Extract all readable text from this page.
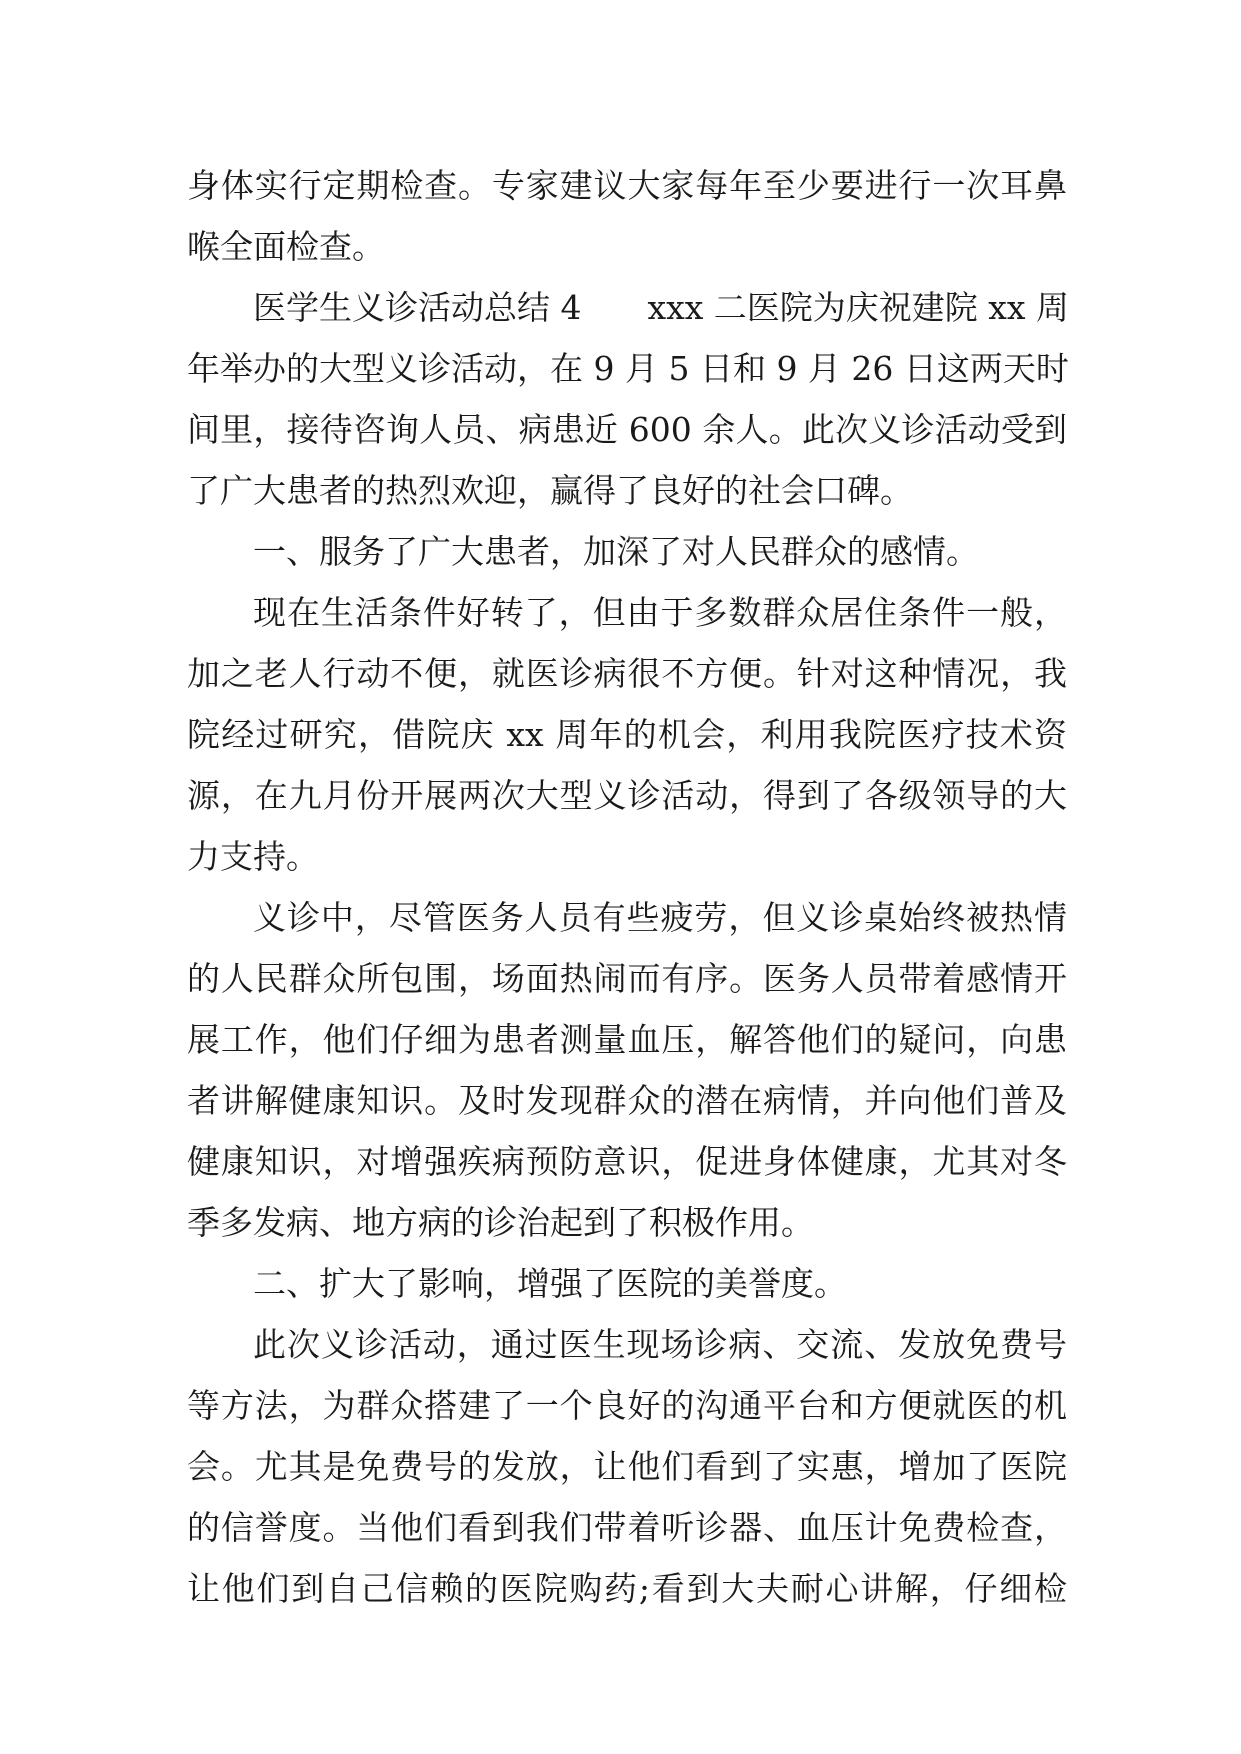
身体实行定期检查。专家建议大家每年至少要进行一次耳鼻
喉全面检查。
医学生义诊活动总结 4　　xxx 二医院为庆祝建院 xx 周
年举办的大型义诊活动，在 9 月 5 日和 9 月 26 日这两天时
间里，接待咨询人员、病患近 600 余人。此次义诊活动受到
了广大患者的热烈欢迎，赢得了良好的社会口碑。
一、服务了广大患者，加深了对人民群众的感情。
现在生活条件好转了，但由于多数群众居住条件一般，
加之老人行动不便，就医诊病很不方便。针对这种情况，我
院经过研究，借院庆 xx 周年的机会，利用我院医疗技术资
源，在九月份开展两次大型义诊活动，得到了各级领导的大
力支持。
义诊中，尽管医务人员有些疲劳，但义诊桌始终被热情
的人民群众所包围，场面热闹而有序。医务人员带着感情开
展工作，他们仔细为患者测量血压，解答他们的疑问，向患
者讲解健康知识。及时发现群众的潜在病情，并向他们普及
健康知识，对增强疾病预防意识，促进身体健康，尤其对冬
季多发病、地方病的诊治起到了积极作用。
二、扩大了影响，增强了医院的美誉度。
此次义诊活动，通过医生现场诊病、交流、发放免费号
等方法，为群众搭建了一个良好的沟通平台和方便就医的机
会。尤其是免费号的发放，让他们看到了实惠，增加了医院
的信誉度。当他们看到我们带着听诊器、血压计免费检查，
让他们到自己信赖的医院购药;看到大夫耐心讲解，仔细检
